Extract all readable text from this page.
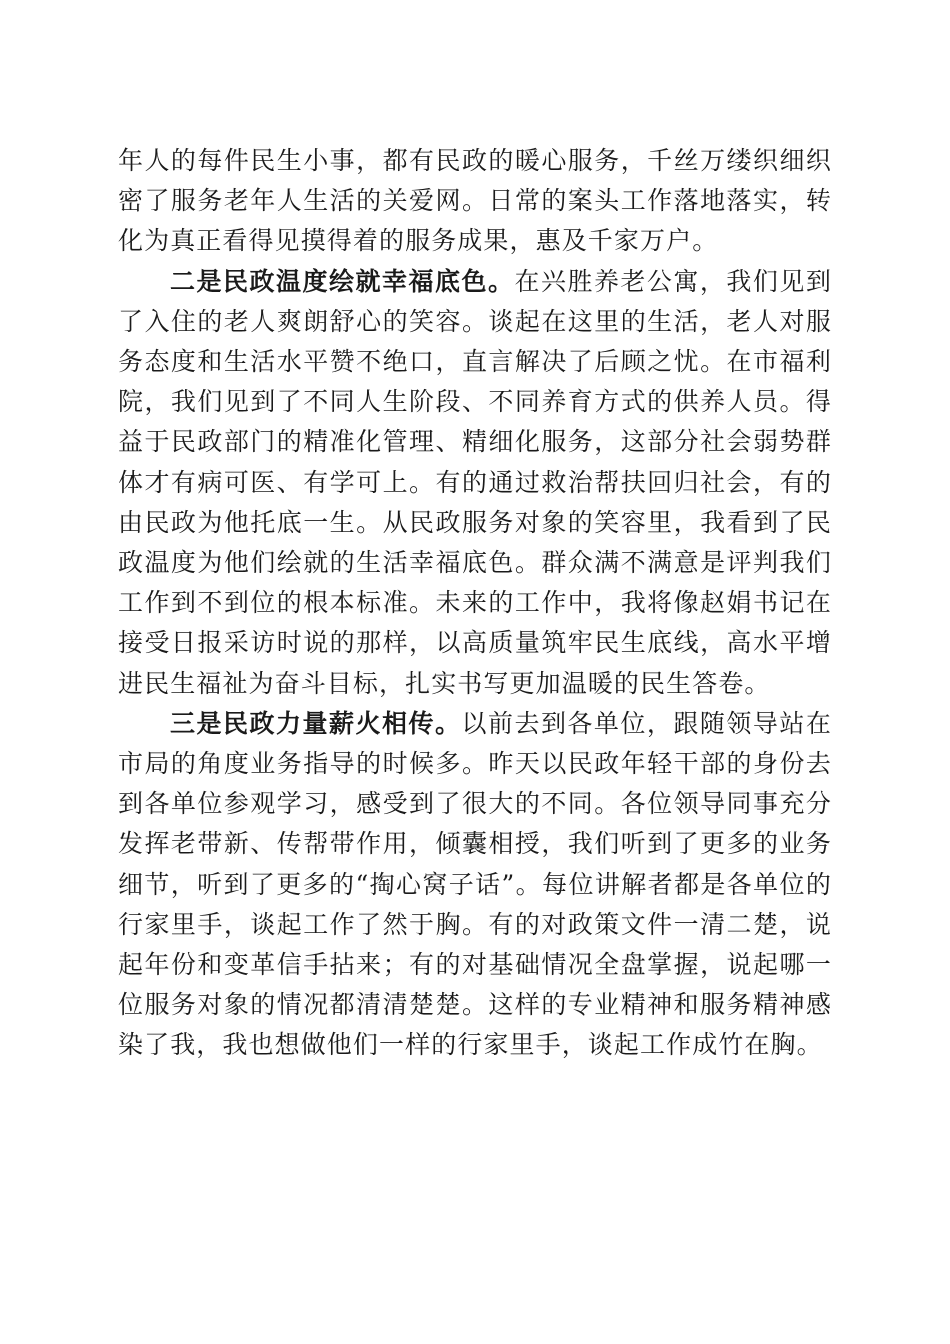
年人的每件民生小事，都有民政的暖心服务，千丝万缕织细织密了服务老年人生活的关爱网。日常的案头工作落地落实，转化为真正看得见摸得着的服务成果，惠及千家万户。

二是民政温度绘就幸福底色。在兴胜养老公寓，我们见到了入住的老人爽朗舒心的笑容。谈起在这里的生活，老人对服务态度和生活水平赞不绝口，直言解决了后顾之忧。在市福利院，我们见到了不同人生阶段、不同养育方式的供养人员。得益于民政部门的精准化管理、精细化服务，这部分社会弱势群体才有病可医、有学可上。有的通过救治帮扶回归社会，有的由民政为他托底一生。从民政服务对象的笑容里，我看到了民政温度为他们绘就的生活幸福底色。群众满不满意是评判我们工作到不到位的根本标准。未来的工作中，我将像赵娟书记在接受日报采访时说的那样，以高质量筑牢民生底线，高水平增进民生福祉为奋斗目标，扎实书写更加温暖的民生答卷。

三是民政力量薪火相传。以前去到各单位，跟随领导站在市局的角度业务指导的时候多。昨天以民政年轻干部的身份去到各单位参观学习，感受到了很大的不同。各位领导同事充分发挥老带新、传帮带作用，倾囊相授，我们听到了更多的业务细节，听到了更多的“掏心窝子话”。每位讲解者都是各单位的行家里手，谈起工作了然于胸。有的对政策文件一清二楚，说起年份和变革信手拈来；有的对基础情况全盘掌握，说起哪一位服务对象的情况都清清楚楚。这样的专业精神和服务精神感染了我，我也想做他们一样的行家里手，谈起工作成竹在胸。
